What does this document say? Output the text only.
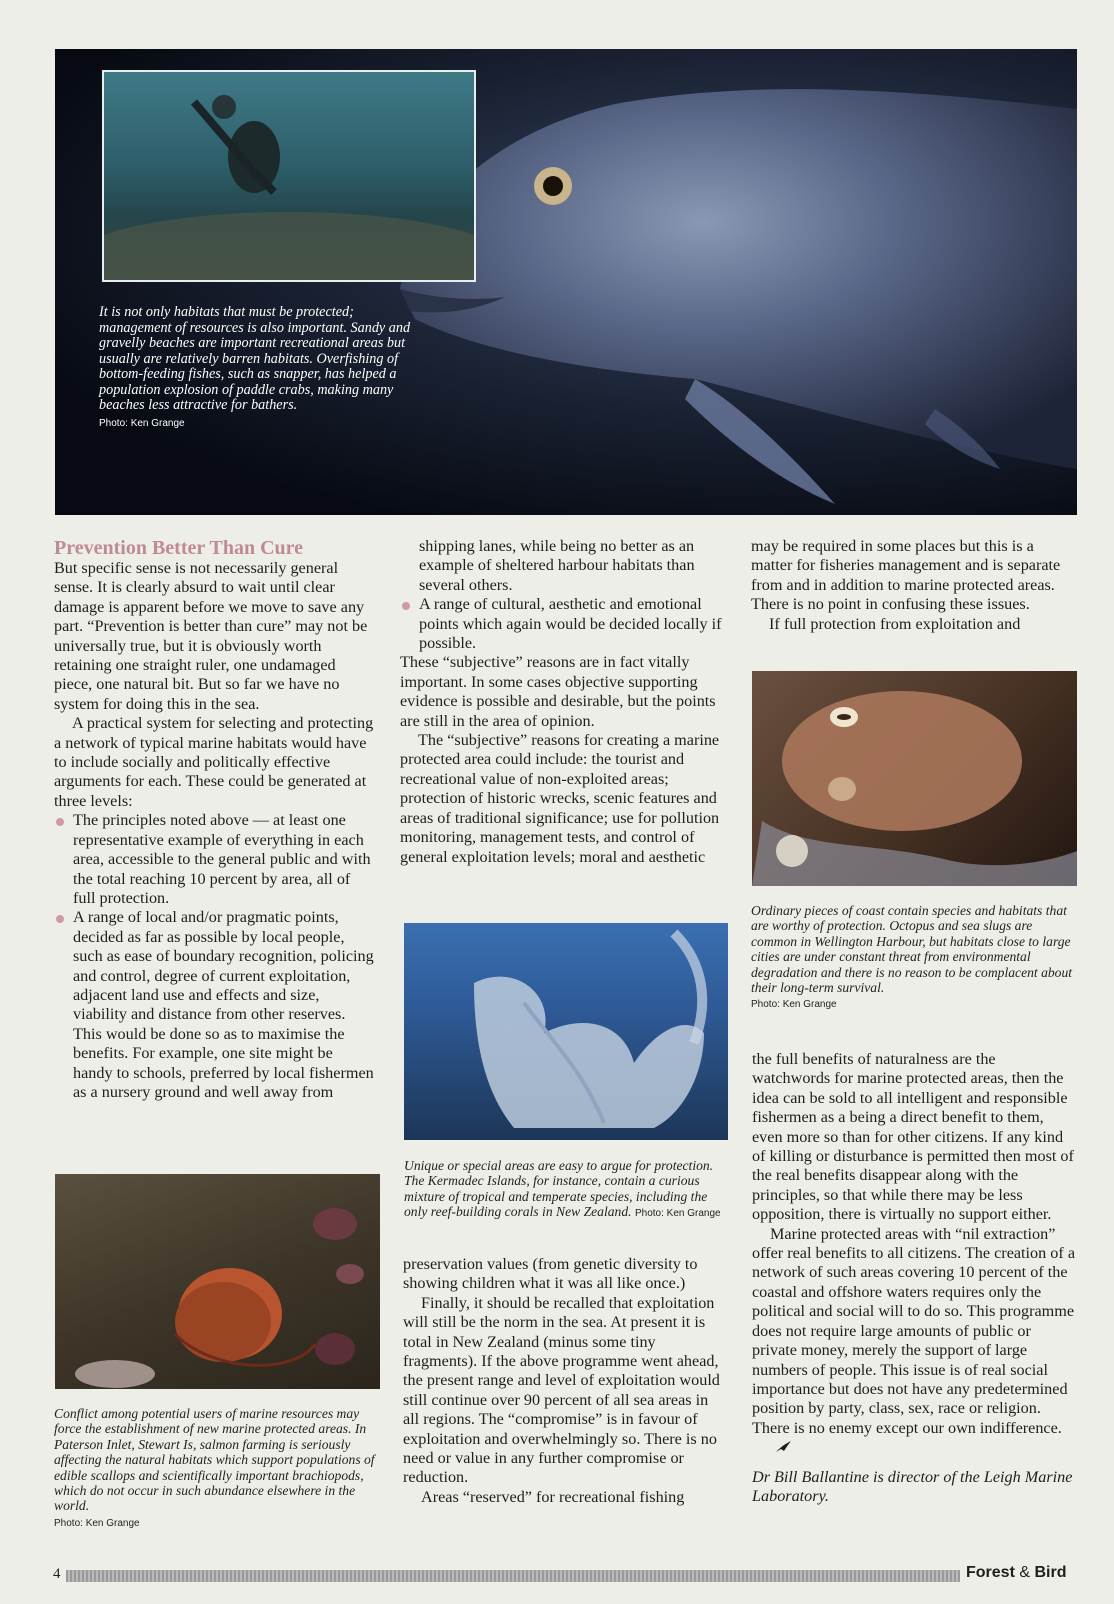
It is not only habitats that must be protected; management of resources is also important. Sandy and gravelly beaches are important recreational areas but usually are relatively barren habitats. Overfishing of bottom-feeding fishes, such as snapper, has helped a population explosion of paddle crabs, making many beaches less attractive for bathers.
Photo: Ken Grange
Prevention Better Than Cure

But specific sense is not necessarily general sense. It is clearly absurd to wait until clear damage is apparent before we move to save any part. “Prevention is better than cure” may not be universally true, but it is obviously worth retaining one straight ruler, one undamaged piece, one natural bit. But so far we have no system for doing this in the sea.

A practical system for selecting and protecting a network of typical marine habitats would have to include socially and politically effective arguments for each. These could be generated at three levels:

The principles noted above — at least one representative example of everything in each area, accessible to the general public and with the total reaching 10 percent by area, all of full protection.
A range of local and/or pragmatic points, decided as far as possible by local people, such as ease of boundary recognition, policing and control, degree of current exploitation, adjacent land use and effects and size, viability and distance from other reserves. This would be done so as to maximise the benefits. For example, one site might be handy to schools, preferred by local fishermen as a nursery ground and well away from
Conflict among potential users of marine resources may force the establishment of new marine protected areas. In Paterson Inlet, Stewart Is, salmon farming is seriously affecting the natural habitats which support populations of edible scallops and scientifically important brachiopods, which do not occur in such abundance elsewhere in the world.
Photo: Ken Grange

shipping lanes, while being no better as an example of sheltered harbour habitats than several others.

A range of cultural, aesthetic and emotional points which again would be decided locally if possible.

These “subjective” reasons are in fact vitally important. In some cases objective supporting evidence is possible and desirable, but the points are still in the area of opinion.

The “subjective” reasons for creating a marine protected area could include: the tourist and recreational value of non-exploited areas; protection of historic wrecks, scenic features and areas of traditional significance; use for pollution monitoring, management tests, and control of general exploitation levels; moral and aesthetic

Unique or special areas are easy to argue for protection. The Kermadec Islands, for instance, contain a curious mixture of tropical and temperate species, including the only reef-building corals in New Zealand. Photo: Ken Grange

preservation values (from genetic diversity to showing children what it was all like once.)

Finally, it should be recalled that exploitation will still be the norm in the sea. At present it is total in New Zealand (minus some tiny fragments). If the above programme went ahead, the present range and level of exploitation would still continue over 90 percent of all sea areas in all regions. The “compromise” is in favour of exploitation and overwhelmingly so. There is no need or value in any further compromise or reduction.

Areas “reserved” for recreational fishing

may be required in some places but this is a matter for fisheries management and is separate from and in addition to marine protected areas. There is no point in confusing these issues.

If full protection from exploitation and

Ordinary pieces of coast contain species and habitats that are worthy of protection. Octopus and sea slugs are common in Wellington Harbour, but habitats close to large cities are under constant threat from environmental degradation and there is no reason to be complacent about their long-term survival.
Photo: Ken Grange

the full benefits of naturalness are the watchwords for marine protected areas, then the idea can be sold to all intelligent and responsible fishermen as a being a direct benefit to them, even more so than for other citizens. If any kind of killing or disturbance is permitted then most of the real benefits disappear along with the principles, so that while there may be less opposition, there is virtually no support either.

Marine protected areas with “nil extraction” offer real benefits to all citizens. The creation of a network of such areas covering 10 percent of the coastal and offshore waters requires only the political and social will to do so. This programme does not require large amounts of public or private money, merely the support of large numbers of people. This issue is of real social importance but does not have any predetermined position by party, class, sex, race or religion. There is no enemy except our own indifference.

Dr Bill Ballantine is director of the Leigh Marine Laboratory.

4	Forest & Bird
